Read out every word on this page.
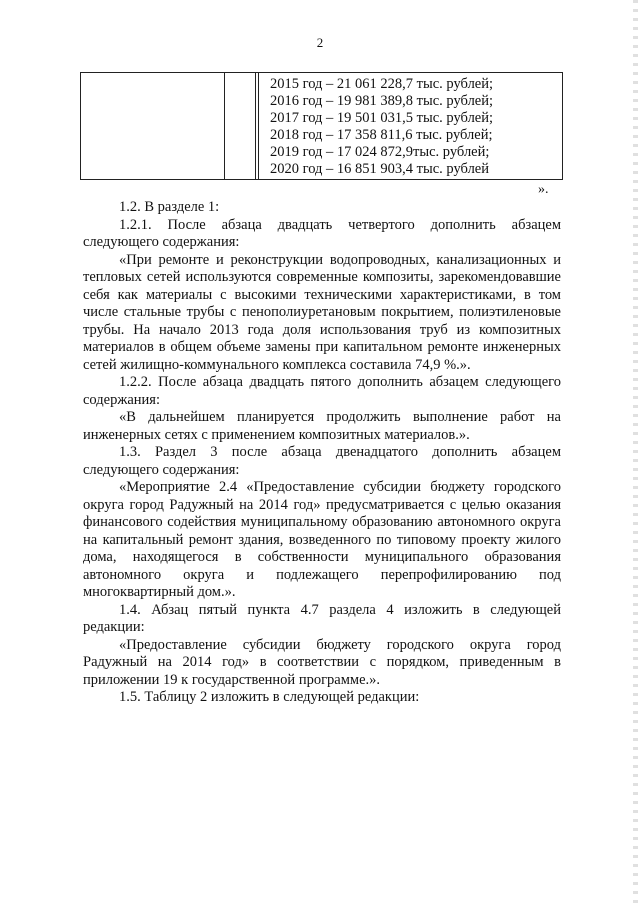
2
2015 год – 21 061 228,7 тыс. рублей;
2016 год – 19 981 389,8 тыс. рублей;
2017 год – 19 501 031,5 тыс. рублей;
2018 год – 17 358 811,6 тыс. рублей;
2019 год – 17 024 872,9тыс. рублей;
2020 год – 16 851 903,4 тыс. рублей
».

1.2. В разделе 1:

1.2.1. После абзаца двадцать четвертого дополнить абзацем следующего содержания:

«При ремонте и реконструкции водопроводных, канализационных и тепловых сетей используются современные композиты, зарекомендовавшие себя как материалы с высокими техническими характеристиками, в том числе стальные трубы с пенополиуретановым покрытием, полиэтиленовые трубы. На начало 2013 года доля использования труб из композитных материалов в общем объеме замены при капитальном ремонте инженерных сетей жилищно-коммунального комплекса составила 74,9 %.».

1.2.2. После абзаца двадцать пятого дополнить абзацем следующего содержания:

«В дальнейшем планируется продолжить выполнение работ на инженерных сетях с применением композитных материалов.».

1.3. Раздел 3 после абзаца двенадцатого дополнить абзацем следующего содержания:

«Мероприятие 2.4 «Предоставление субсидии бюджету городского округа город Радужный на 2014 год» предусматривается с целью оказания финансового содействия муниципальному образованию автономного округа на капитальный ремонт здания, возведенного по типовому проекту жилого дома, находящегося в собственности муниципального образования автономного округа и подлежащего перепрофилированию под многоквартирный дом.».

1.4. Абзац пятый пункта 4.7 раздела 4 изложить в следующей редакции:

«Предоставление субсидии бюджету городского округа город Радужный на 2014 год» в соответствии с порядком, приведенным в приложении 19 к государственной программе.».

1.5. Таблицу 2 изложить в следующей редакции:
